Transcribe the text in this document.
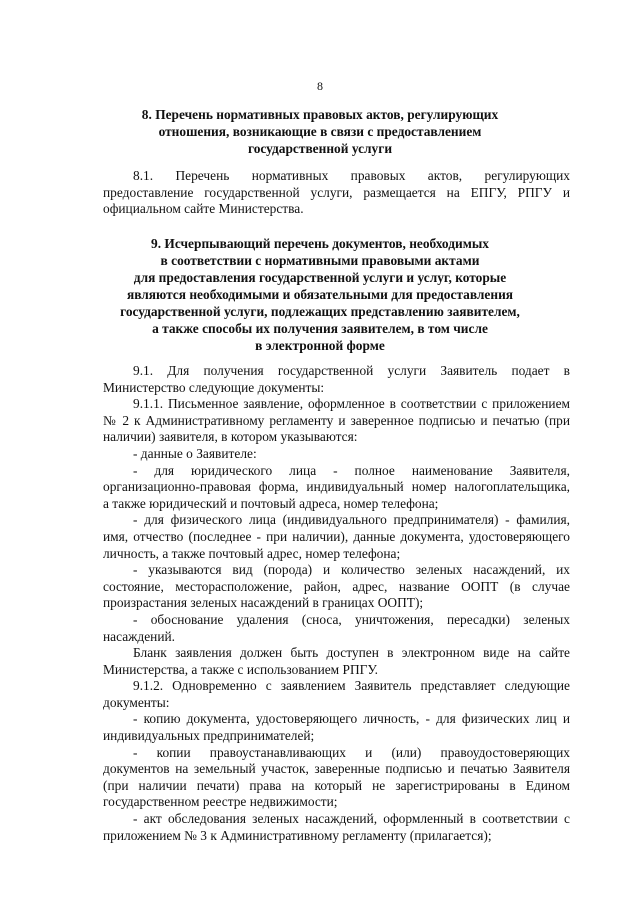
8
8. Перечень нормативных правовых актов, регулирующих
отношения, возникающие в связи с предоставлением
государственной услуги
8.1. Перечень нормативных правовых актов, регулирующих
предоставление государственной услуги, размещается на ЕПГУ, РПГУ и
официальном сайте Министерства.
9. Исчерпывающий перечень документов, необходимых
в соответствии с нормативными правовыми актами
для предоставления государственной услуги и услуг, которые
являются необходимыми и обязательными для предоставления
государственной услуги, подлежащих представлению заявителем,
а также способы их получения заявителем, в том числе
в электронной форме
9.1. Для получения государственной услуги Заявитель подает в
Министерство следующие документы:
9.1.1. Письменное заявление, оформленное в соответствии с приложением
№ 2 к Административному регламенту и заверенное подписью и печатью (при
наличии) заявителя, в котором указываются:
- данные о Заявителе:
- для юридического лица - полное наименование Заявителя,
организационно-правовая форма, индивидуальный номер налогоплательщика,
а также юридический и почтовый адреса, номер телефона;
- для физического лица (индивидуального предпринимателя) - фамилия,
имя, отчество (последнее - при наличии), данные документа, удостоверяющего
личность, а также почтовый адрес, номер телефона;
- указываются вид (порода) и количество зеленых насаждений, их
состояние, месторасположение, район, адрес, название ООПТ (в случае
произрастания зеленых насаждений в границах ООПТ);
- обоснование удаления (сноса, уничтожения, пересадки) зеленых
насаждений.
Бланк заявления должен быть доступен в электронном виде на сайте
Министерства, а также с использованием РПГУ.
9.1.2. Одновременно с заявлением Заявитель представляет следующие
документы:
- копию документа, удостоверяющего личность, - для физических лиц и
индивидуальных предпринимателей;
- копии правоустанавливающих и (или) правоудостоверяющих
документов на земельный участок, заверенные подписью и печатью Заявителя
(при наличии печати) права на который не зарегистрированы в Едином
государственном реестре недвижимости;
- акт обследования зеленых насаждений, оформленный в соответствии с
приложением № 3 к Административному регламенту (прилагается);
